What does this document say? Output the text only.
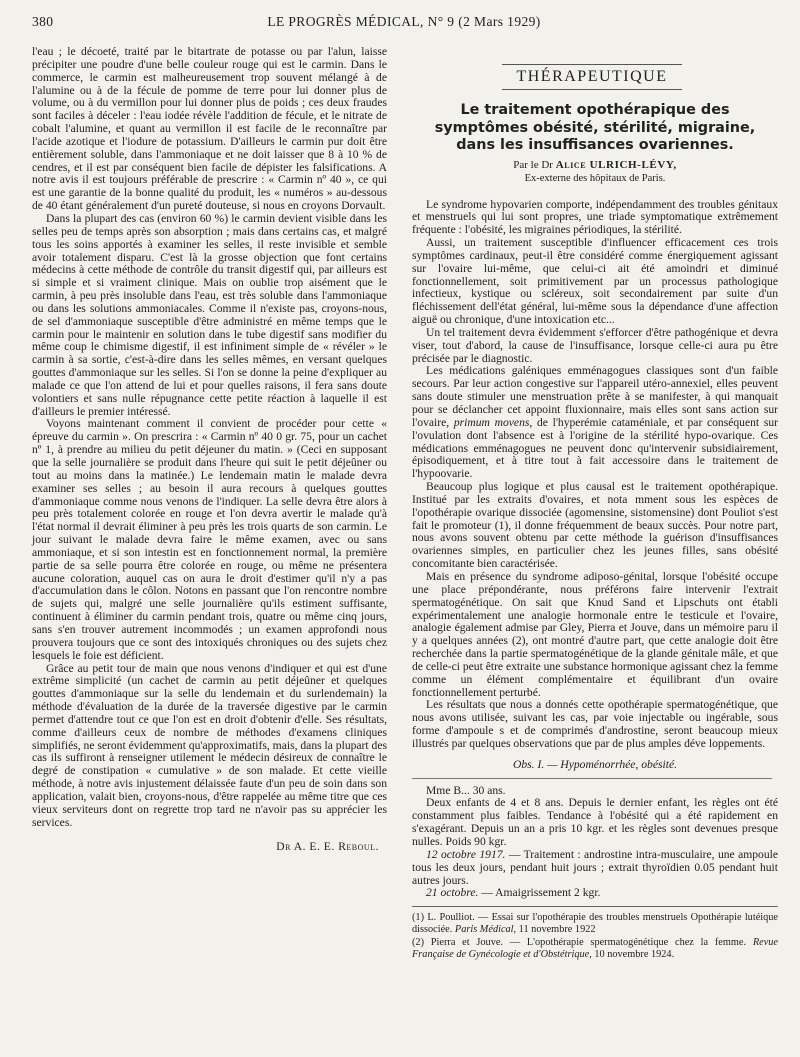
380	LE PROGRÈS MÉDICAL, N° 9 (2 Mars 1929)

l'eau ; le décoeté, traité par le bitartrate de potasse ou par l'alun, laisse précipiter une poudre d'une belle couleur rouge qui est le carmin. Dans le commerce, le carmin est malheureusement trop souvent mélangé à de l'alumine ou à de la fécule de pomme de terre pour lui donner plus de volume, ou à du vermillon pour lui donner plus de poids ; ces deux fraudes sont faciles à déceler : l'eau iodée révèle l'addition de fécule, et le nitrate de cobalt l'alumine, et quant au vermillon il est facile de le reconnaître par l'acide azotique et l'iodure de potassium. D'ailleurs le carmin pur doit être entièrement soluble, dans l'ammoniaque et ne doit laisser que 8 à 10 % de cendres, et il est par conséquent bien facile de dépister les falsifications. A notre avis il est toujours préférable de prescrire : « Carmin nº 40 », ce qui est une garantie de la bonne qualité du produit, les « numéros » au-dessous de 40 étant généralement d'un pureté douteuse, si nous en croyons Dorvault.

Dans la plupart des cas (environ 60 %) le carmin devient visible dans les selles peu de temps après son absorption ; mais dans certains cas, et malgré tous les soins apportés à examiner les selles, il reste invisible et semble avoir totalement disparu. C'est là la grosse objection que font certains médecins à cette méthode de contrôle du transit digestif qui, par ailleurs est si simple et si vraiment clinique. Mais on oublie trop aisément que le carmin, à peu près insoluble dans l'eau, est très soluble dans l'ammoniaque ou dans les solutions ammoniacales. Comme il n'existe pas, croyons-nous, de sel d'ammoniaque susceptible d'être administré en même temps que le carmin pour le maintenir en solution dans le tube digestif sans modifier du même coup le chimisme digestif, il est infiniment simple de « révéler » le carmin à sa sortie, c'est-à-dire dans les selles mêmes, en versant quelques gouttes d'ammoniaque sur les selles. Si l'on se donne la peine d'expliquer au malade ce que l'on attend de lui et pour quelles raisons, il fera sans doute volontiers et sans nulle répugnance cette petite réaction à laquelle il est d'ailleurs le premier intéressé.

Voyons maintenant comment il convient de procéder pour cette « épreuve du carmin ». On prescrira : « Carmin nº 40 0 gr. 75, pour un cachet nº 1, à prendre au milieu du petit déjeuner du matin. » (Ceci en supposant que la selle journalière se produit dans l'heure qui suit le petit déjeûner ou tout au moins dans la matinée.) Le lendemain matin le malade devra examiner ses selles ; au besoin il aura recours à quelques gouttes d'ammoniaque comme nous venons de l'indiquer. La selle devra être alors à peu près totalement colorée en rouge et l'on devra avertir le malade qu'à l'état normal il devrait éliminer à peu près les trois quarts de son carmin. Le jour suivant le malade devra faire le même examen, avec ou sans ammoniaque, et si son intestin est en fonctionnement normal, la première partie de sa selle pourra être colorée en rouge, ou même ne présentera aucune coloration, auquel cas on aura le droit d'estimer qu'il n'y a pas d'accumulation dans le côlon. Notons en passant que l'on rencontre nombre de sujets qui, malgré une selle journalière qu'ils estiment suffisante, continuent à éliminer du carmin pendant trois, quatre ou même cinq jours, sans s'en trouver autrement incommodés ; un examen approfondi nous prouvera toujours que ce sont des intoxiqués chroniques ou des sujets chez lesquels le foie est déficient.

Grâce au petit tour de main que nous venons d'indiquer et qui est d'une extrême simplicité (un cachet de carmin au petit déjeûner et quelques gouttes d'ammoniaque sur la selle du lendemain et du surlendemain) la méthode d'évaluation de la durée de la traversée digestive par le carmin permet d'attendre tout ce que l'on est en droit d'obtenir d'elle. Ses résultats, comme d'ailleurs ceux de nombre de méthodes d'examens cliniques simplifiés, ne seront évidemment qu'approximatifs, mais, dans la plupart des cas ils suffiront à renseigner utilement le médecin désireux de connaître le degré de constipation « cumulative » de son malade. Et cette vieille méthode, à notre avis injustement délaissée faute d'un peu de soin dans son application, valait bien, croyons-nous, d'être rappelée au même titre que ces vieux serviteurs dont on regrette trop tard ne n'avoir pas su apprécier les services.

Dr A. E. E. Reboul.
THÉRAPEUTIQUE
Le traitement opothérapique des
symptômes obésité, stérilité, migraine,
dans les insuffisances ovariennes.
Par le Dr Alice ULRICH-LÉVY,
Ex-externe des hôpitaux de Paris.

Le syndrome hypovarien comporte, indépendamment des troubles génitaux et menstruels qui lui sont propres, une triade symptomatique extrêmement fréquente : l'obésité, les migraines périodiques, la stérilité.

Aussi, un traitement susceptible d'influencer efficacement ces trois symptômes cardinaux, peut-il être considéré comme énergiquement agissant sur l'ovaire lui-même, que celui-ci ait été amoindri et diminué fonctionnellement, soit primitivement par un processus pathologique infectieux, kystique ou scléreux, soit secondairement par suite d'un fléchissement dell'état général, lui-même sous la dépendance d'une affection aiguë ou chronique, d'une intoxication etc...

Un tel traitement devra évidemment s'efforcer d'être pathogénique et devra viser, tout d'abord, la cause de l'insuffisance, lorsque celle-ci aura pu être précisée par le diagnostic.

Les médications galéniques emménagogues classiques sont d'un faible secours. Par leur action congestive sur l'appareil utéro-annexiel, elles peuvent sans doute stimuler une menstruation prête à se manifester, à qui manquait pour se déclancher cet appoint fluxionnaire, mais elles sont sans action sur l'ovaire, primum movens, de l'hyperémie cataméniale, et par conséquent sur l'ovulation dont l'absence est à l'origine de la stérilité hypo-ovarique. Ces médications emménagogues ne peuvent donc qu'intervenir subsidiairement, épisodiquement, et à titre tout à fait accessoire dans le traitement de l'hypoovarie.

Beaucoup plus logique et plus causal est le traitement opothérapique. Institué par les extraits d'ovaires, et nota mment sous les espèces de l'opothérapie ovarique dissociée (agomensine, sistomensine) dont Pouliot s'est fait le promoteur (1), il donne fréquemment de beaux succès. Pour notre part, nous avons souvent obtenu par cette méthode la guérison d'insuffisances ovariennes simples, en particulier chez les jeunes filles, sans obésité concomitante bien caractérisée.

Mais en présence du syndrome adiposo-génital, lorsque l'obésité occupe une place prépondérante, nous préférons faire intervenir l'extrait spermatogénétique. On sait que Knud Sand et Lipschuts ont établi expérimentalement une analogie hormonale entre le testicule et l'ovaire, analogie également admise par Gley, Pierra et Jouve, dans un mémoire paru il y a quelques années (2), ont montré d'autre part, que cette analogie doit être recherchée dans la partie spermatogénétique de la glande génitale mâle, et que de celle-ci peut être extraite une substance hormonique agissant chez la femme comme un élément complémentaire et équilibrant d'un ovaire fonctionnellement perturbé.

Les résultats que nous a donnés cette opothérapie spermatogénétique, que nous avons utilisée, suivant les cas, par voie injectable ou ingérable, sous forme d'ampoule s et de comprimés d'androstine, seront beaucoup mieux illustrés par quelques observations que par de plus amples déve loppements.

Obs. I. — Hypoménorrhée, obésité.

Mme B... 30 ans.

Deux enfants de 4 et 8 ans. Depuis le dernier enfant, les règles ont été constamment plus faibles. Tendance à l'obésité qui a été rapidement en s'exagérant. Depuis un an a pris 10 kgr. et les règles sont devenues presque nulles. Poids 90 kgr.

12 octobre 1917. — Traitement : androstine intra-musculaire, une ampoule tous les deux jours, pendant huit jours ; extrait thyroïdien 0.05 pendant huit autres jours.

21 octobre. — Amaigrissement 2 kgr.

(1) L. Poulliot. — Essai sur l'opothérapie des troubles menstruels Opothérapie lutéique dissociée. Paris Médical, 11 novembre 1922

(2) Pierra et Jouve. — L'opothérapie spermatogénétique chez la femme. Revue Française de Gynécologie et d'Obstétrique, 10 novembre 1924.
